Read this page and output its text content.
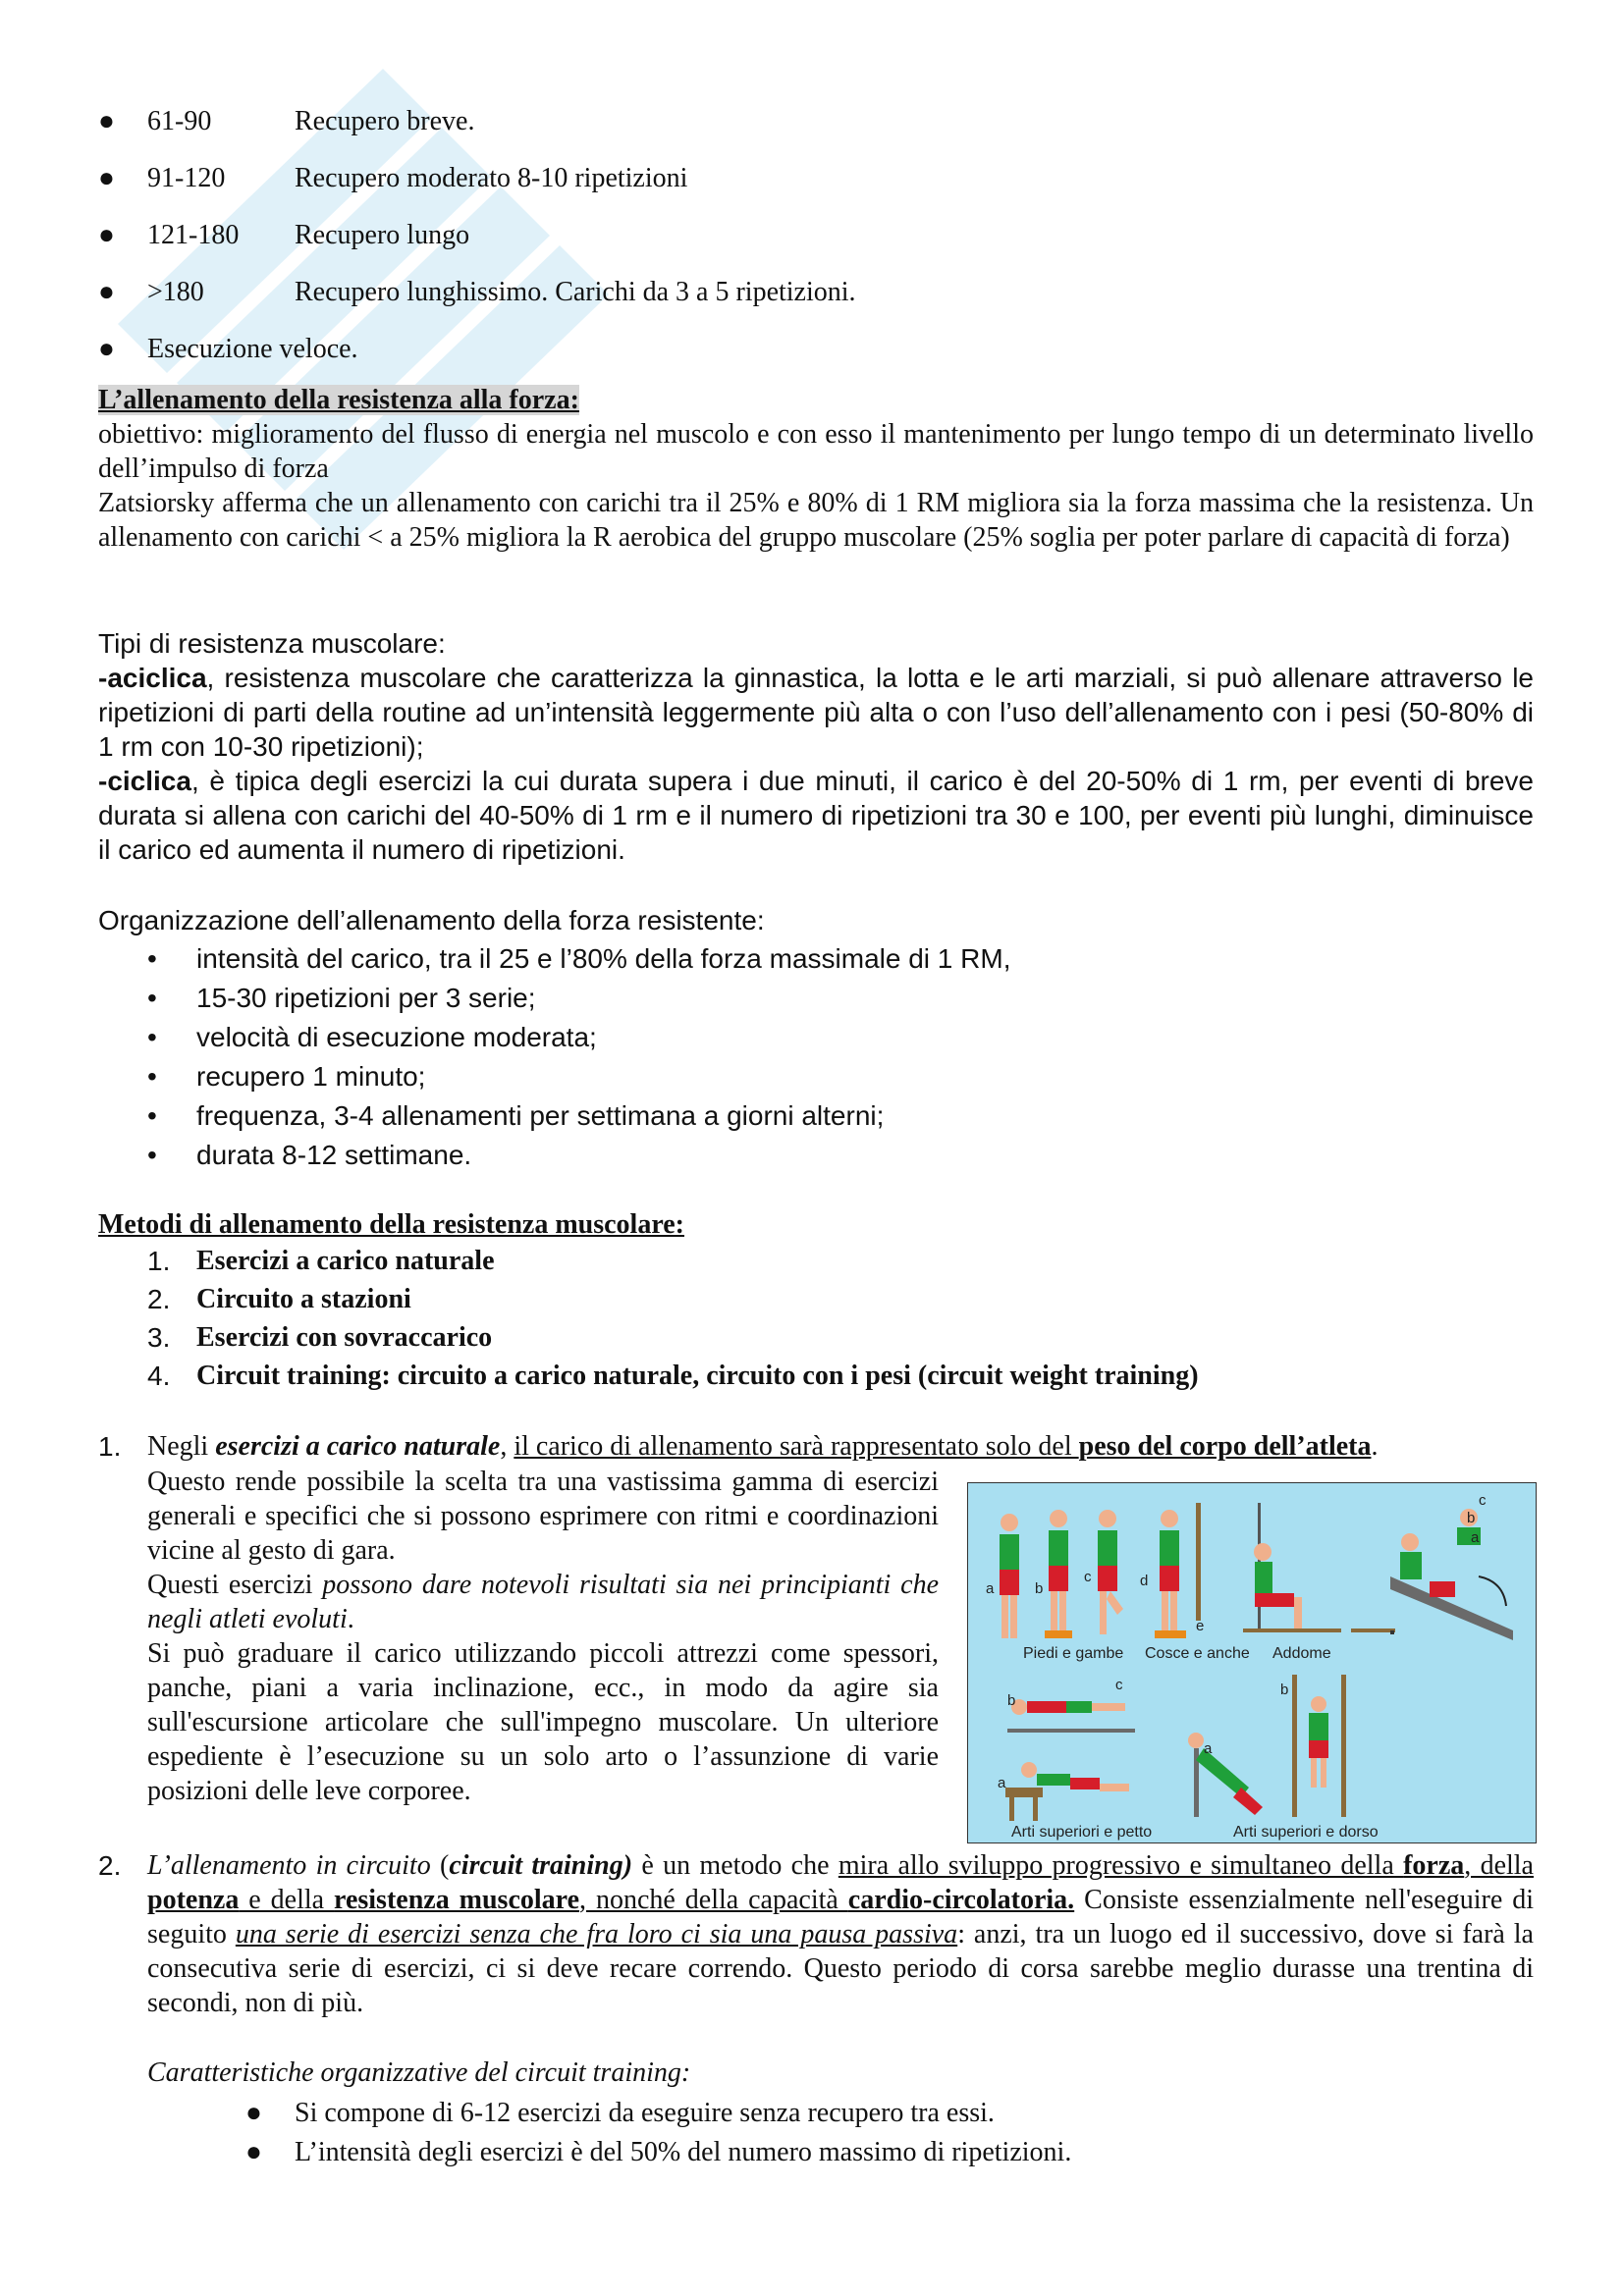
● 61-90	Recupero breve.
● 91-120	Recupero moderato 8-10 ripetizioni
● 121-180 Recupero lungo
● >180	Recupero lunghissimo. Carichi da 3 a 5 ripetizioni.
● Esecuzione veloce.
L’allenamento della resistenza alla forza:
obiettivo: miglioramento del flusso di energia nel muscolo e con esso il mantenimento per lungo tempo di un determinato livello dell’impulso di forza
Zatsiorsky afferma che un allenamento con carichi tra il 25% e 80% di 1 RM migliora sia la forza massima che la resistenza. Un allenamento con carichi < a 25% migliora la R aerobica del gruppo muscolare (25% soglia per poter parlare di capacità di forza)
Tipi di resistenza muscolare:
-aciclica, resistenza muscolare che caratterizza la ginnastica, la lotta e le arti marziali, si può allenare attraverso le ripetizioni di parti della routine ad un’intensità leggermente più alta o con l’uso dell’allenamento con i pesi (50-80% di 1 rm con 10-30 ripetizioni);
-ciclica, è tipica degli esercizi la cui durata supera i due minuti, il carico è del 20-50% di 1 rm, per eventi di breve durata si allena con carichi del 40-50% di 1 rm e il numero di ripetizioni tra 30 e 100, per eventi più lunghi, diminuisce il carico ed aumenta il numero di ripetizioni.
Organizzazione dell’allenamento della forza resistente:
• intensità del carico, tra il 25 e l’80% della forza massimale di 1 RM,
• 15-30 ripetizioni per 3 serie;
• velocità di esecuzione moderata;
• recupero 1 minuto;
• frequenza, 3-4 allenamenti per settimana a giorni alterni;
• durata 8-12 settimane.
Metodi di allenamento della resistenza muscolare:
1. Esercizi a carico naturale
2. Circuito a stazioni
3. Esercizi con sovraccarico
4. Circuit training: circuito a carico naturale, circuito con i pesi (circuit weight training)
1. Negli esercizi a carico naturale, il carico di allenamento sarà rappresentato solo del peso del corpo dell’atleta.
Questo rende possibile la scelta tra una vastissima gamma di esercizi generali e specifici che si possono esprimere con ritmi e coordinazioni vicine al gesto di gara.
Questi esercizi possono dare notevoli risultati sia nei principianti che negli atleti evoluti.
Si può graduare il carico utilizzando piccoli attrezzi come spessori, panche, piani a varia inclinazione, ecc., in modo da agire sia sull'escursione articolare che sull'impegno muscolare. Un ulteriore espediente è l’esecuzione su un solo arto o l’assunzione di varie posizioni delle leve corporee.
Piedi e gambe Cosce e anche Addome
Arti superiori e petto	Arti superiori e dorso
a	b
c	d
e
c
b
a
c
b
a
b
a
2. L’allenamento in circuito (circuit training) è un metodo che mira allo sviluppo progressivo e simultaneo della forza, della potenza e della resistenza muscolare, nonché della capacità cardio-circolatoria. Consiste essenzialmente nell'eseguire di seguito una serie di esercizi senza che fra loro ci sia una pausa passiva: anzi, tra un luogo ed il successivo, dove si farà la consecutiva serie di esercizi, ci si deve recare correndo. Questo periodo di corsa sarebbe meglio durasse una trentina di secondi, non di più.
Caratteristiche organizzative del circuit training:
● Si compone di 6-12 esercizi da eseguire senza recupero tra essi.
● L’intensità degli esercizi è del 50% del numero massimo di ripetizioni.
